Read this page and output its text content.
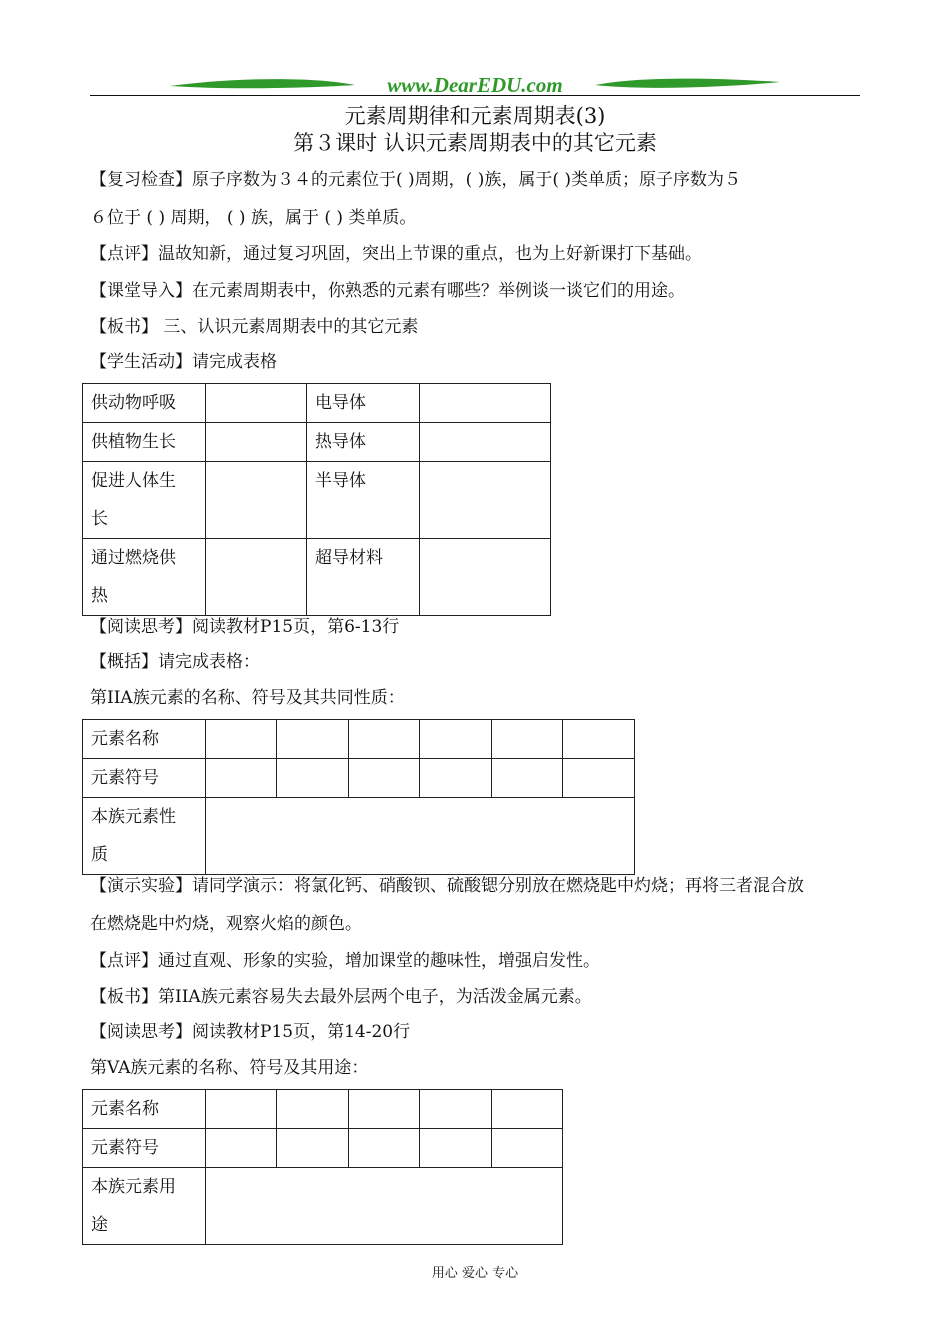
www.DearEDU.com
元素周期律和元素周期表(3)
第３课时 认识元素周期表中的其它元素
【复习检查】原子序数为３４的元素位于( )周期，( )族，属于( )类单质；原子序数为５
６位于 ( ) 周期， ( ) 族，属于 ( ) 类单质。
【点评】温故知新，通过复习巩固，突出上节课的重点，也为上好新课打下基础。
【课堂导入】在元素周期表中，你熟悉的元素有哪些？举例谈一谈它们的用途。
【板书】 三、认识元素周期表中的其它元素
【学生活动】请完成表格
供动物呼吸		电导体	

供植物生长		热导体	

促进人体生
长		半导体	

通过燃烧供
热		超导材料	

【阅读思考】阅读教材P15页，第6-13行
【概括】请完成表格：
第IIA族元素的名称、符号及其共同性质：
元素名称						

元素符号						

本族元素性
质						

【演示实验】请同学演示：将氯化钙、硝酸钡、硫酸锶分别放在燃烧匙中灼烧；再将三者混合放
在燃烧匙中灼烧，观察火焰的颜色。
【点评】通过直观、形象的实验，增加课堂的趣味性，增强启发性。
【板书】第IIA族元素容易失去最外层两个电子，为活泼金属元素。
【阅读思考】阅读教材P15页，第14-20行
第VA族元素的名称、符号及其用途：
元素名称					

元素符号					

本族元素用
途					

用心 爱心 专心
